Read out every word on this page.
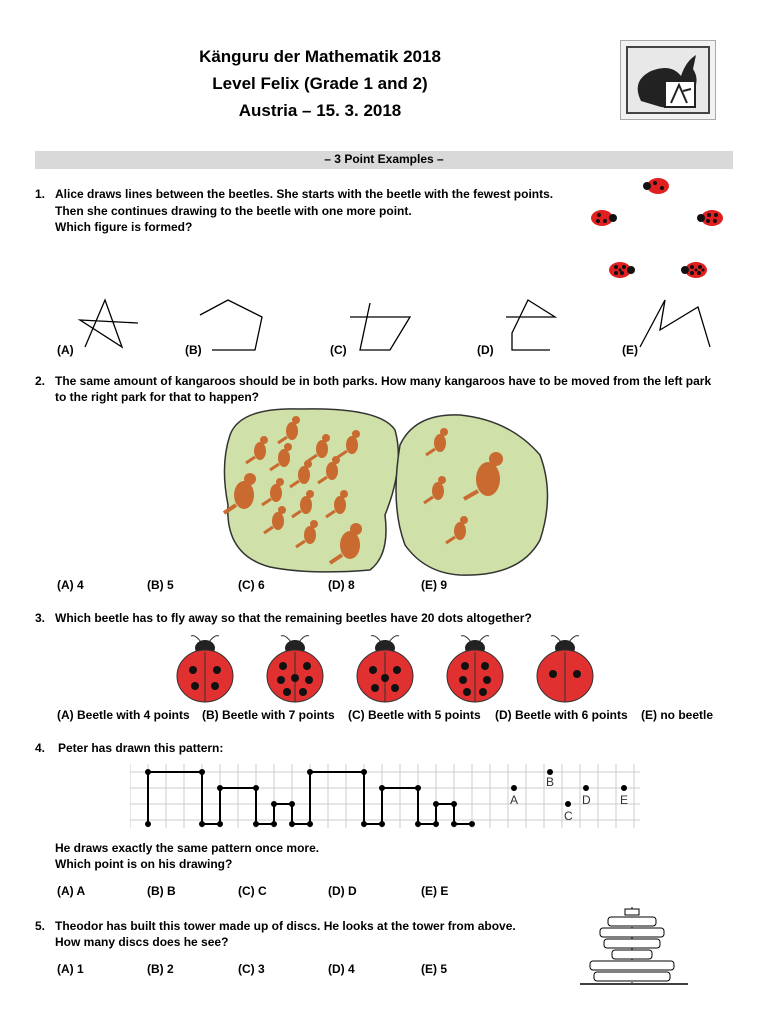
Känguru der Mathematik 2018
Level Felix (Grade 1 and 2)
Austria – 15. 3. 2018
– 3 Point Examples –
1. Alice draws lines between the beetles. She starts with the beetle with the fewest points.
Then she continues drawing to the beetle with one more point.
Which figure is formed?
(A)	(B)	(C)	(D)	(E)
2. The same amount of kangaroos should be in both parks. How many kangaroos have to be moved from the left park
to the right park for that to happen?
(A) 4	(B) 5	(C) 6	(D) 8	(E) 9
3. Which beetle has to fly away so that the remaining beetles have 20 dots altogether?
(A) Beetle with 4 points (B) Beetle with 7 points (C) Beetle with 5 points (D) Beetle with 6 points (E) no beetle
4. Peter has drawn this pattern:
A
B
C
D E
He draws exactly the same pattern once more.
Which point is on his drawing?
(A) A	(B) B	(C) C	(D) D	(E) E
5. Theodor has built this tower made up of discs. He looks at the tower from above.
How many discs does he see?
(A) 1	(B) 2	(C) 3	(D) 4	(E) 5
